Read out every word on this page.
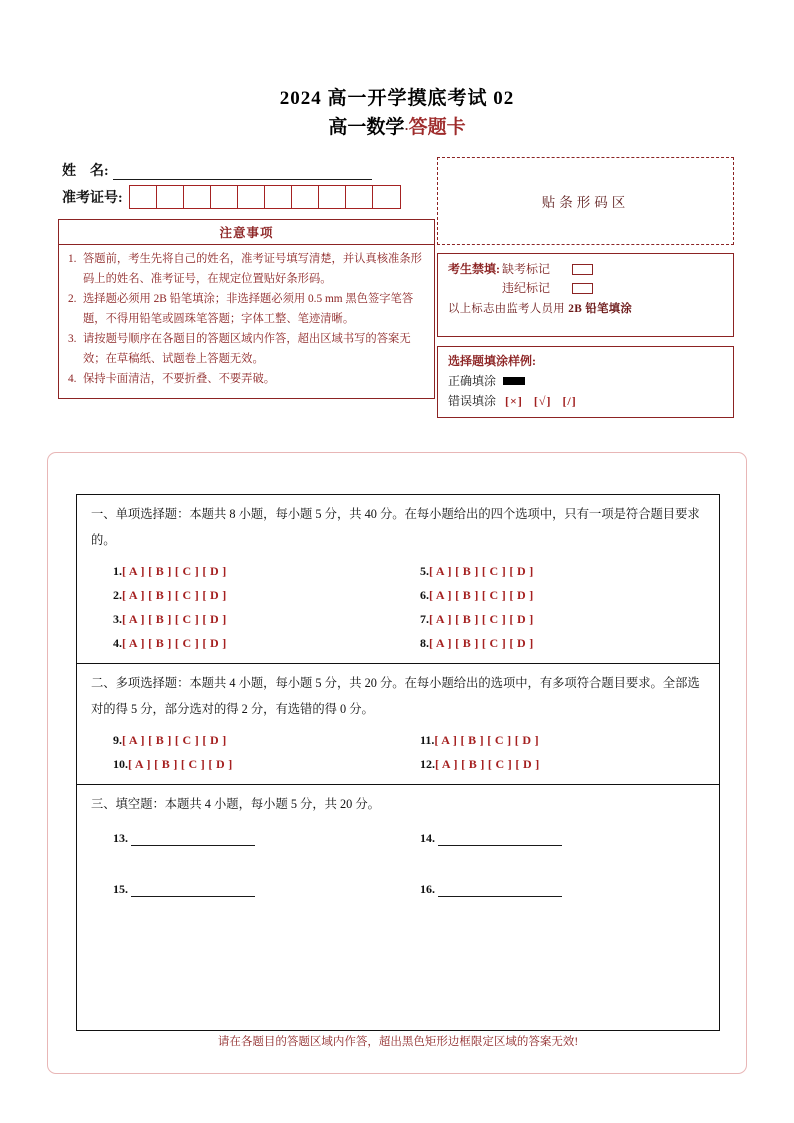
2024 高一开学摸底考试 02
高一数学·答题卡
姓    名:
准考证号:
注意事项
1. 答题前，考生先将自己的姓名，准考证号填写清楚，并认真核准条形码上的姓名、准考证号，在规定位置贴好条形码。
2. 选择题必须用 2B 铅笔填涂；非选择题必须用 0.5 mm 黑色签字笔答题，不得用铅笔或圆珠笔答题；字体工整、笔迹清晰。
3. 请按题号顺序在各题目的答题区域内作答，超出区域书写的答案无效；在草稿纸、试题卷上答题无效。
4. 保持卡面清洁，不要折叠、不要弄破。
贴条形码区
考生禁填: 缺考标记
违纪标记
以上标志由监考人员用 2B 铅笔填涂
选择题填涂样例:
正确填涂
错误填涂 [×] [√] [/]
一、单项选择题：本题共 8 小题，每小题 5 分，共 40 分。在每小题给出的四个选项中，只有一项是符合题目要求的。
1.[ A ] [ B ] [ C ] [ D ]	5.[ A ] [ B ] [ C ] [ D ]
2.[ A ] [ B ] [ C ] [ D ]	6.[ A ] [ B ] [ C ] [ D ]
3.[ A ] [ B ] [ C ] [ D ]	7.[ A ] [ B ] [ C ] [ D ]
4.[ A ] [ B ] [ C ] [ D ]	8.[ A ] [ B ] [ C ] [ D ]
二、多项选择题：本题共 4 小题，每小题 5 分，共 20 分。在每小题给出的选项中，有多项符合题目要求。全部选对的得 5 分，部分选对的得 2 分，有选错的得 0 分。
9.[ A ] [ B ] [ C ] [ D ]	11.[ A ] [ B ] [ C ] [ D ]
10.[ A ] [ B ] [ C ] [ D ]	12.[ A ] [ B ] [ C ] [ D ]
三、填空题：本题共 4 小题，每小题 5 分，共 20 分。
13.	14.
15.	16.
请在各题目的答题区域内作答，超出黑色矩形边框限定区域的答案无效!
